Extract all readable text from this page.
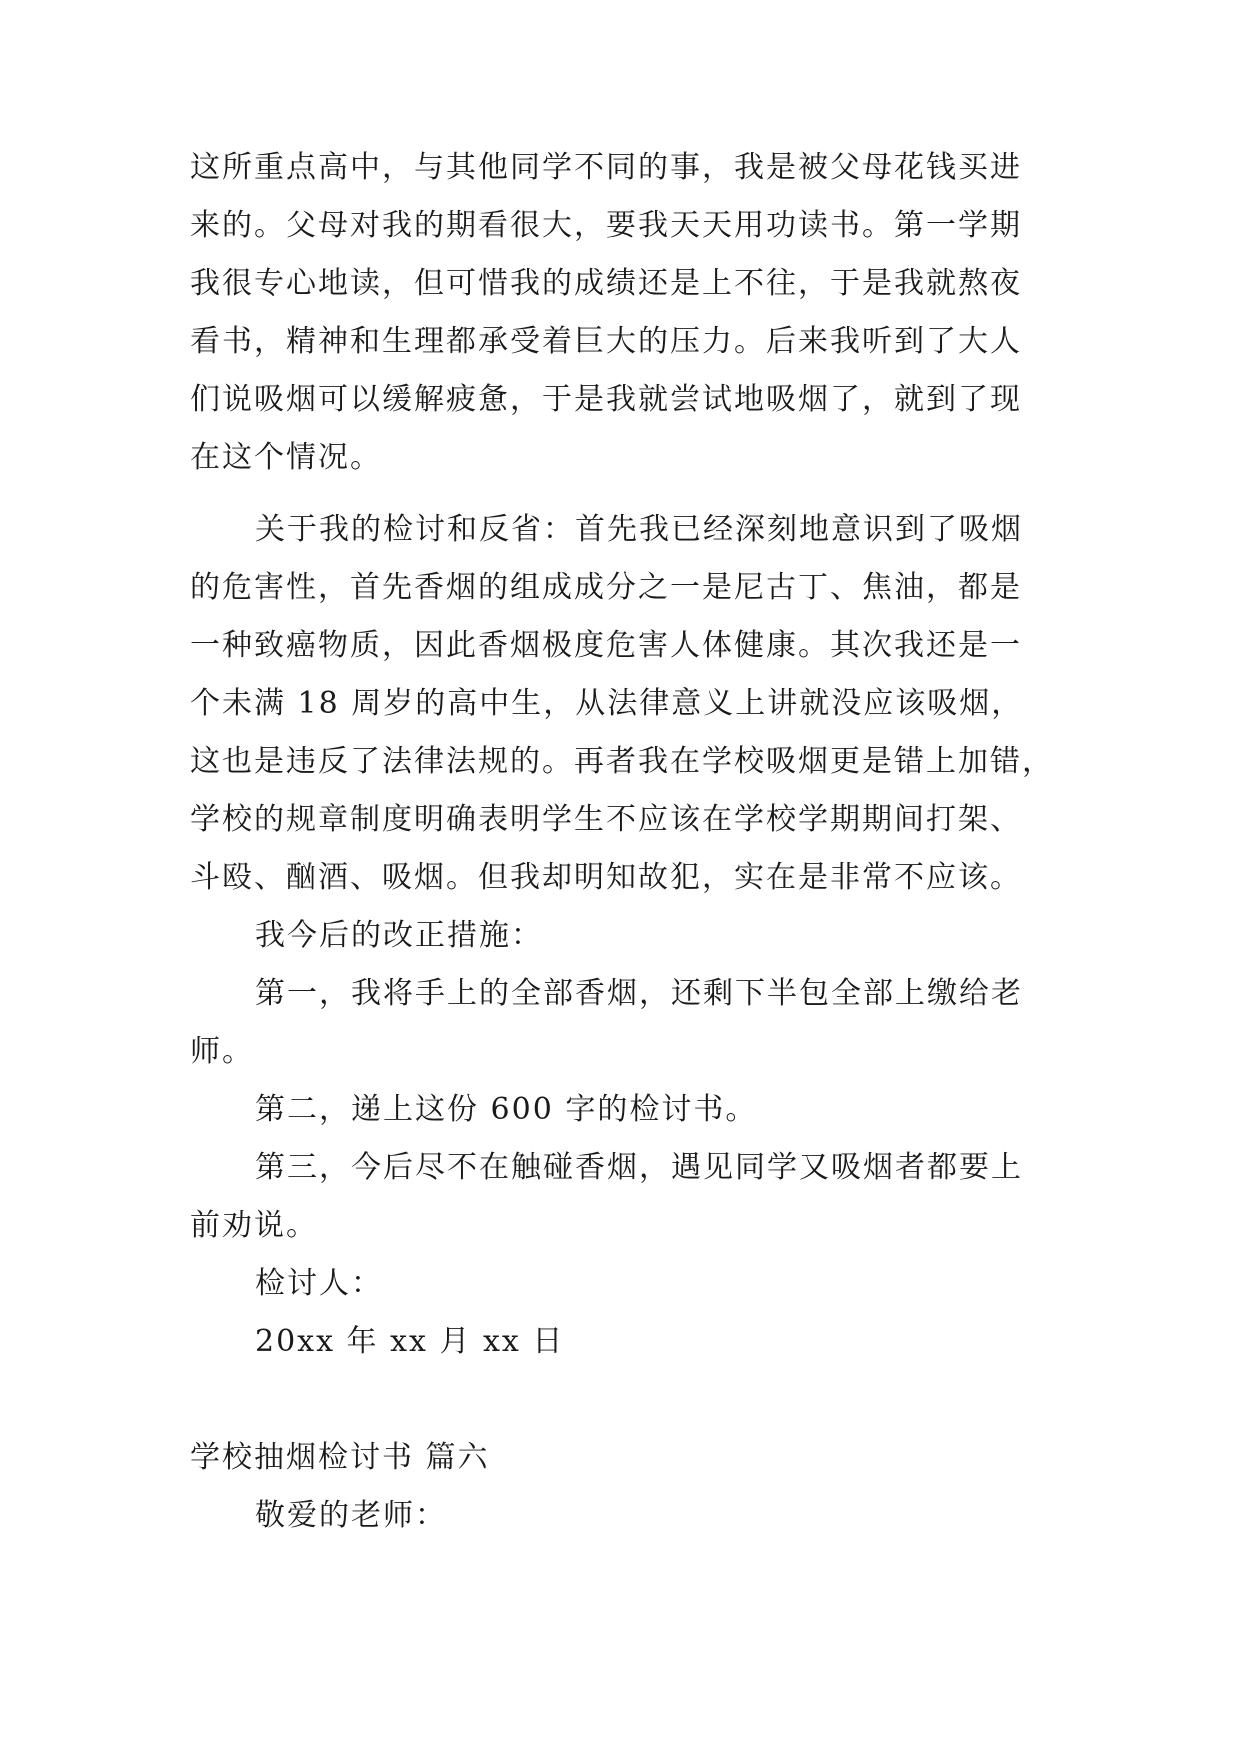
这所重点高中，与其他同学不同的事，我是被父母花钱买进
来的。父母对我的期看很大，要我天天用功读书。第一学期
我很专心地读，但可惜我的成绩还是上不往，于是我就熬夜
看书，精神和生理都承受着巨大的压力。后来我听到了大人
们说吸烟可以缓解疲惫，于是我就尝试地吸烟了，就到了现
在这个情况。
关于我的检讨和反省：首先我已经深刻地意识到了吸烟
的危害性，首先香烟的组成成分之一是尼古丁、焦油，都是
一种致癌物质，因此香烟极度危害人体健康。其次我还是一
个未满 18 周岁的高中生，从法律意义上讲就没应该吸烟，
这也是违反了法律法规的。再者我在学校吸烟更是错上加错，
学校的规章制度明确表明学生不应该在学校学期期间打架、
斗殴、酗酒、吸烟。但我却明知故犯，实在是非常不应该。
我今后的改正措施：
第一，我将手上的全部香烟，还剩下半包全部上缴给老
师。
第二，递上这份 600 字的检讨书。
第三，今后尽不在触碰香烟，遇见同学又吸烟者都要上
前劝说。
检讨人：
20xx 年 xx 月 xx 日
学校抽烟检讨书 篇六
敬爱的老师：
